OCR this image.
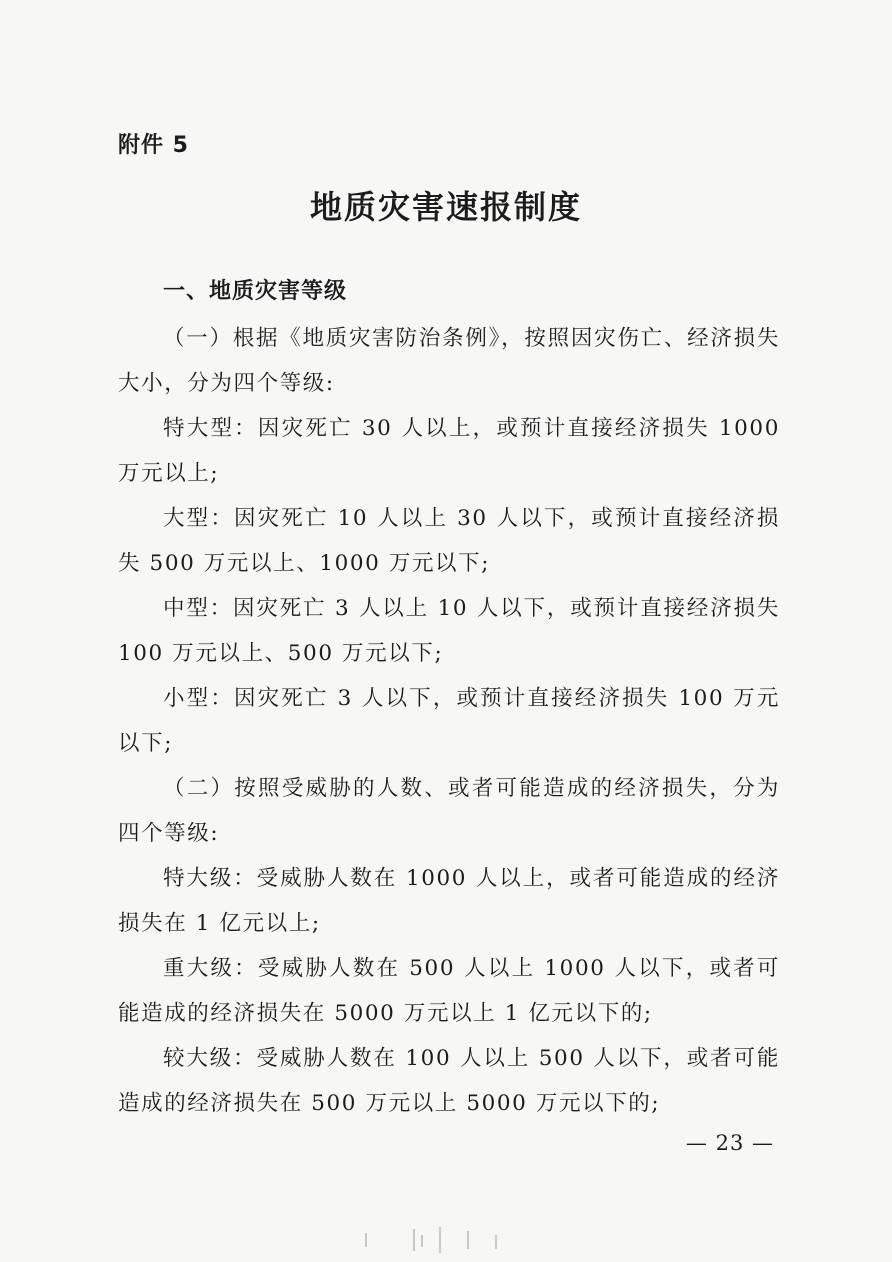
附件 5
地质灾害速报制度
一、地质灾害等级

（一）根据《地质灾害防治条例》，按照因灾伤亡、经济损失大小，分为四个等级:

特大型：因灾死亡 30 人以上，或预计直接经济损失 1000 万元以上;

大型：因灾死亡 10 人以上 30 人以下，或预计直接经济损失 500 万元以上、1000 万元以下;

中型：因灾死亡 3 人以上 10 人以下，或预计直接经济损失 100 万元以上、500 万元以下;

小型：因灾死亡 3 人以下，或预计直接经济损失 100 万元以下;

（二）按照受威胁的人数、或者可能造成的经济损失，分为四个等级:

特大级：受威胁人数在 1000 人以上，或者可能造成的经济损失在 1 亿元以上;

重大级：受威胁人数在 500 人以上 1000 人以下，或者可能造成的经济损失在 5000 万元以上 1 亿元以下的;

较大级：受威胁人数在 100 人以上 500 人以下，或者可能造成的经济损失在 500 万元以上 5000 万元以下的;

— 23 —
